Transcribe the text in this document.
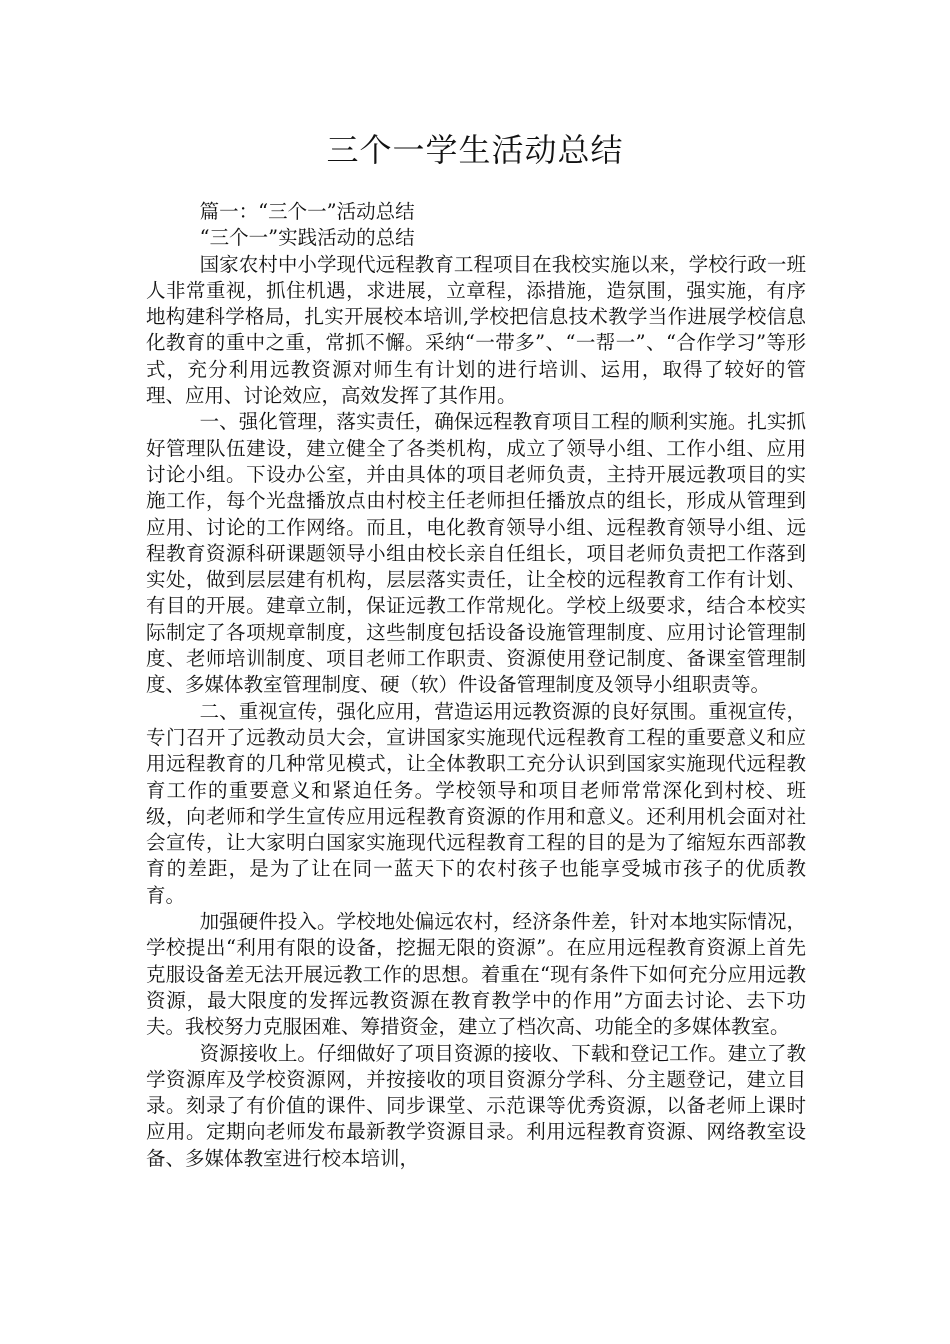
三个一学生活动总结

篇一：“三个一”活动总结

“三个一”实践活动的总结

国家农村中小学现代远程教育工程项目在我校实施以来，学校行政一班人非常重视，抓住机遇，求进展，立章程，添措施，造氛围，强实施，有序地构建科学格局，扎实开展校本培训,学校把信息技术教学当作进展学校信息化教育的重中之重，常抓不懈。采纳“一带多”、“一帮一”、“合作学习”等形式，充分利用远教资源对师生有计划的进行培训、运用，取得了较好的管理、应用、讨论效应，高效发挥了其作用。

一、强化管理，落实责任，确保远程教育项目工程的顺利实施。扎实抓好管理队伍建设，建立健全了各类机构，成立了领导小组、工作小组、应用讨论小组。下设办公室，并由具体的项目老师负责，主持开展远教项目的实施工作，每个光盘播放点由村校主任老师担任播放点的组长，形成从管理到应用、讨论的工作网络。而且，电化教育领导小组、远程教育领导小组、远程教育资源科研课题领导小组由校长亲自任组长，项目老师负责把工作落到实处，做到层层建有机构，层层落实责任，让全校的远程教育工作有计划、有目的开展。建章立制，保证远教工作常规化。学校上级要求，结合本校实际制定了各项规章制度，这些制度包括设备设施管理制度、应用讨论管理制度、老师培训制度、项目老师工作职责、资源使用登记制度、备课室管理制度、多媒体教室管理制度、硬（软）件设备管理制度及领导小组职责等。

二、重视宣传，强化应用，营造运用远教资源的良好氛围。重视宣传，专门召开了远教动员大会，宣讲国家实施现代远程教育工程的重要意义和应用远程教育的几种常见模式，让全体教职工充分认识到国家实施现代远程教育工作的重要意义和紧迫任务。学校领导和项目老师常常深化到村校、班级，向老师和学生宣传应用远程教育资源的作用和意义。还利用机会面对社会宣传，让大家明白国家实施现代远程教育工程的目的是为了缩短东西部教育的差距，是为了让在同一蓝天下的农村孩子也能享受城市孩子的优质教育。

加强硬件投入。学校地处偏远农村，经济条件差，针对本地实际情况，学校提出“利用有限的设备，挖掘无限的资源”。在应用远程教育资源上首先克服设备差无法开展远教工作的思想。着重在“现有条件下如何充分应用远教资源，最大限度的发挥远教资源在教育教学中的作用”方面去讨论、去下功夫。我校努力克服困难、筹措资金，建立了档次高、功能全的多媒体教室。

资源接收上。仔细做好了项目资源的接收、下载和登记工作。建立了教学资源库及学校资源网，并按接收的项目资源分学科、分主题登记，建立目录。刻录了有价值的课件、同步课堂、示范课等优秀资源，以备老师上课时应用。定期向老师发布最新教学资源目录。利用远程教育资源、网络教室设备、多媒体教室进行校本培训，
